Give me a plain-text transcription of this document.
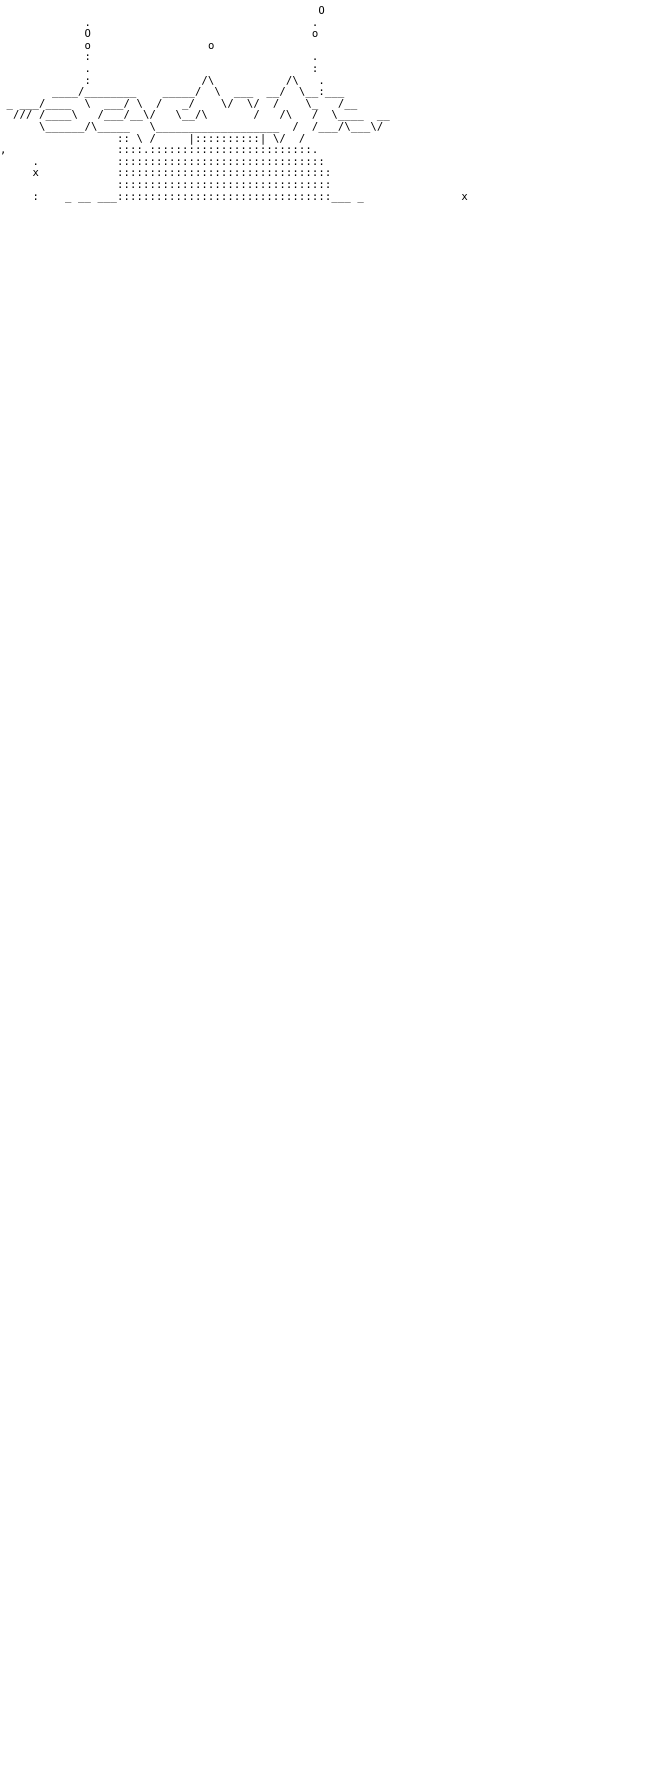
O
.                                  .
O                                  o
o	o
:                                  .
.                                  :
:                 /\           /\   .
____/________    _____/  \  ___  __/  \__:___
_ ___/____  \  ___/ \  /   _/    \/  \/  /    \_   /__
/// /____\   /___/__\/   \__/\       /   /\   /  \____  __
\______/\_____   \___________________  /  /___/\___\/
:: \ /     |::::::::::| \/  /
,                 ::::.:::::::::::::::::::::::::.
.            ::::::::::::::::::::::::::::::::
x            :::::::::::::::::::::::::::::::::
:::::::::::::::::::::::::::::::::
:    _ __ ___:::::::::::::::::::::::::::::::::___ _               x
